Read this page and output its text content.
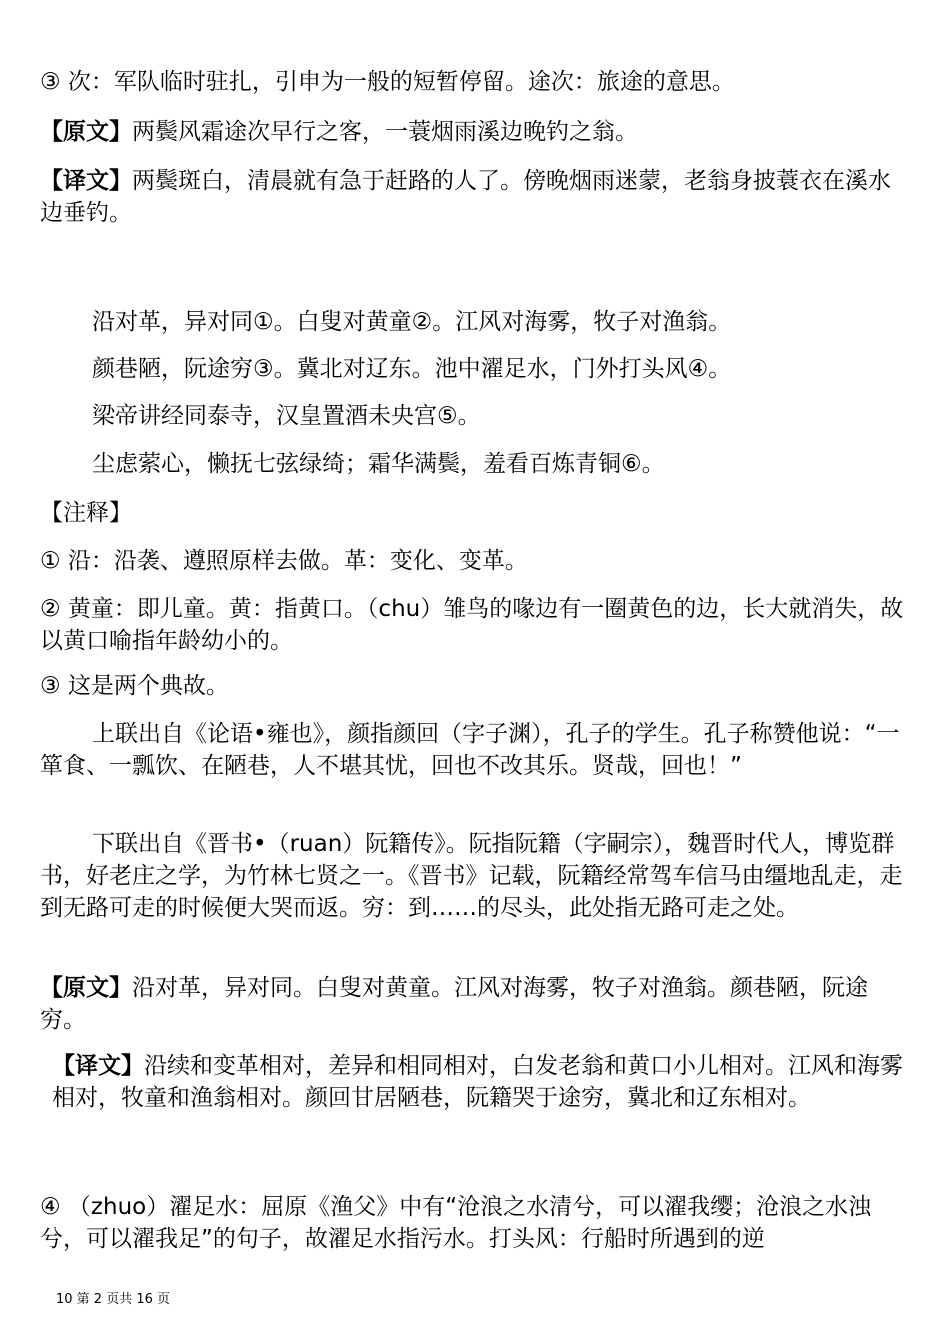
③ 次：军队临时驻扎，引申为一般的短暂停留。途次：旅途的意思。

【原文】两鬓风霜途次早行之客，一蓑烟雨溪边晚钓之翁。

【译文】两鬓斑白，清晨就有急于赶路的人了。傍晚烟雨迷蒙，老翁身披蓑衣在溪水边垂钓。

沿对革，异对同①。白叟对黄童②。江风对海雾，牧子对渔翁。

颜巷陋，阮途穷③。冀北对辽东。池中濯足水，门外打头风④。

梁帝讲经同泰寺，汉皇置酒未央宫⑤。

尘虑萦心，懒抚七弦绿绮；霜华满鬓，羞看百炼青铜⑥。

【注释】

① 沿：沿袭、遵照原样去做。革：变化、变革。

② 黄童：即儿童。黄：指黄口。（chu）雏鸟的喙边有一圈黄色的边，长大就消失，故以黄口喻指年龄幼小的。

③ 这是两个典故。

上联出自《论语•雍也》，颜指颜回（字子渊），孔子的学生。孔子称赞他说：“一箪食、一瓢饮、在陋巷，人不堪其忧，回也不改其乐。贤哉，回也！”

下联出自《晋书•（ruan）阮籍传》。阮指阮籍（字嗣宗），魏晋时代人，博览群书，好老庄之学，为竹林七贤之一。《晋书》记载，阮籍经常驾车信马由缰地乱走，走到无路可走的时候便大哭而返。穷：到……的尽头，此处指无路可走之处。

【原文】沿对革，异对同。白叟对黄童。江风对海雾，牧子对渔翁。颜巷陋，阮途穷。

【译文】沿续和变革相对，差异和相同相对，白发老翁和黄口小儿相对。江风和海雾相对，牧童和渔翁相对。颜回甘居陋巷，阮籍哭于途穷，冀北和辽东相对。

④ （zhuo）濯足水：屈原《渔父》中有“沧浪之水清兮，可以濯我缨；沧浪之水浊兮，可以濯我足”的句子，故濯足水指污水。打头风：行船时所遇到的逆

10 第 2 页共 16 页
